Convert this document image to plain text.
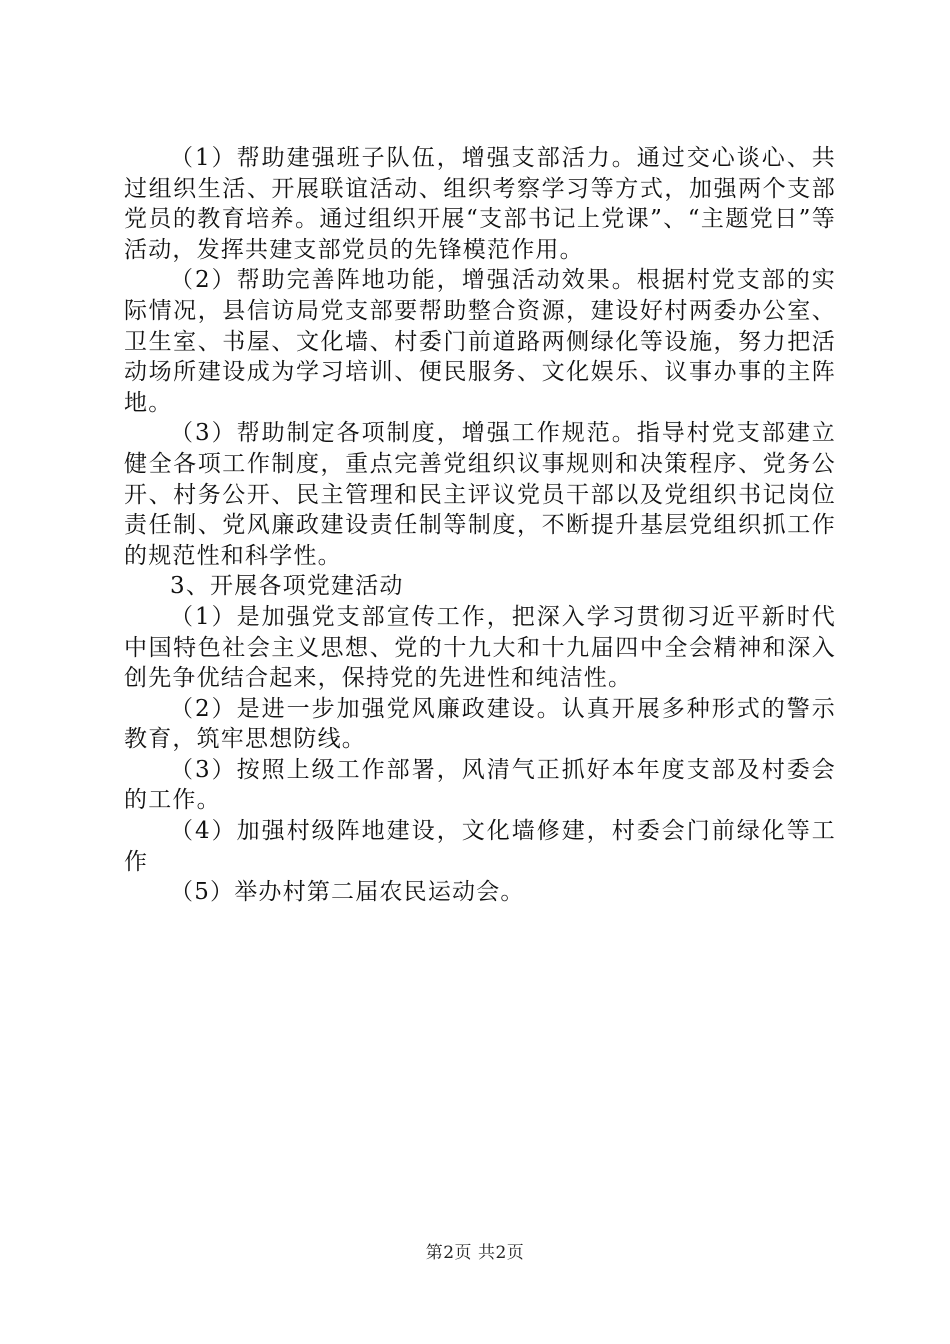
（1）帮助建强班子队伍，增强支部活力。通过交心谈心、共过组织生活、开展联谊活动、组织考察学习等方式，加强两个支部党员的教育培养。通过组织开展“支部书记上党课”、“主题党日”等活动，发挥共建支部党员的先锋模范作用。

（2）帮助完善阵地功能，增强活动效果。根据村党支部的实际情况，县信访局党支部要帮助整合资源，建设好村两委办公室、卫生室、书屋、文化墙、村委门前道路两侧绿化等设施，努力把活动场所建设成为学习培训、便民服务、文化娱乐、议事办事的主阵地。

（3）帮助制定各项制度，增强工作规范。指导村党支部建立健全各项工作制度，重点完善党组织议事规则和决策程序、党务公开、村务公开、民主管理和民主评议党员干部以及党组织书记岗位责任制、党风廉政建设责任制等制度，不断提升基层党组织抓工作的规范性和科学性。

3、开展各项党建活动

（1）是加强党支部宣传工作，把深入学习贯彻习近平新时代中国特色社会主义思想、党的十九大和十九届四中全会精神和深入创先争优结合起来，保持党的先进性和纯洁性。

（2）是进一步加强党风廉政建设。认真开展多种形式的警示教育，筑牢思想防线。

（3）按照上级工作部署，风清气正抓好本年度支部及村委会的工作。

（4）加强村级阵地建设，文化墙修建，村委会门前绿化等工作

（5）举办村第二届农民运动会。

第2页 共2页
